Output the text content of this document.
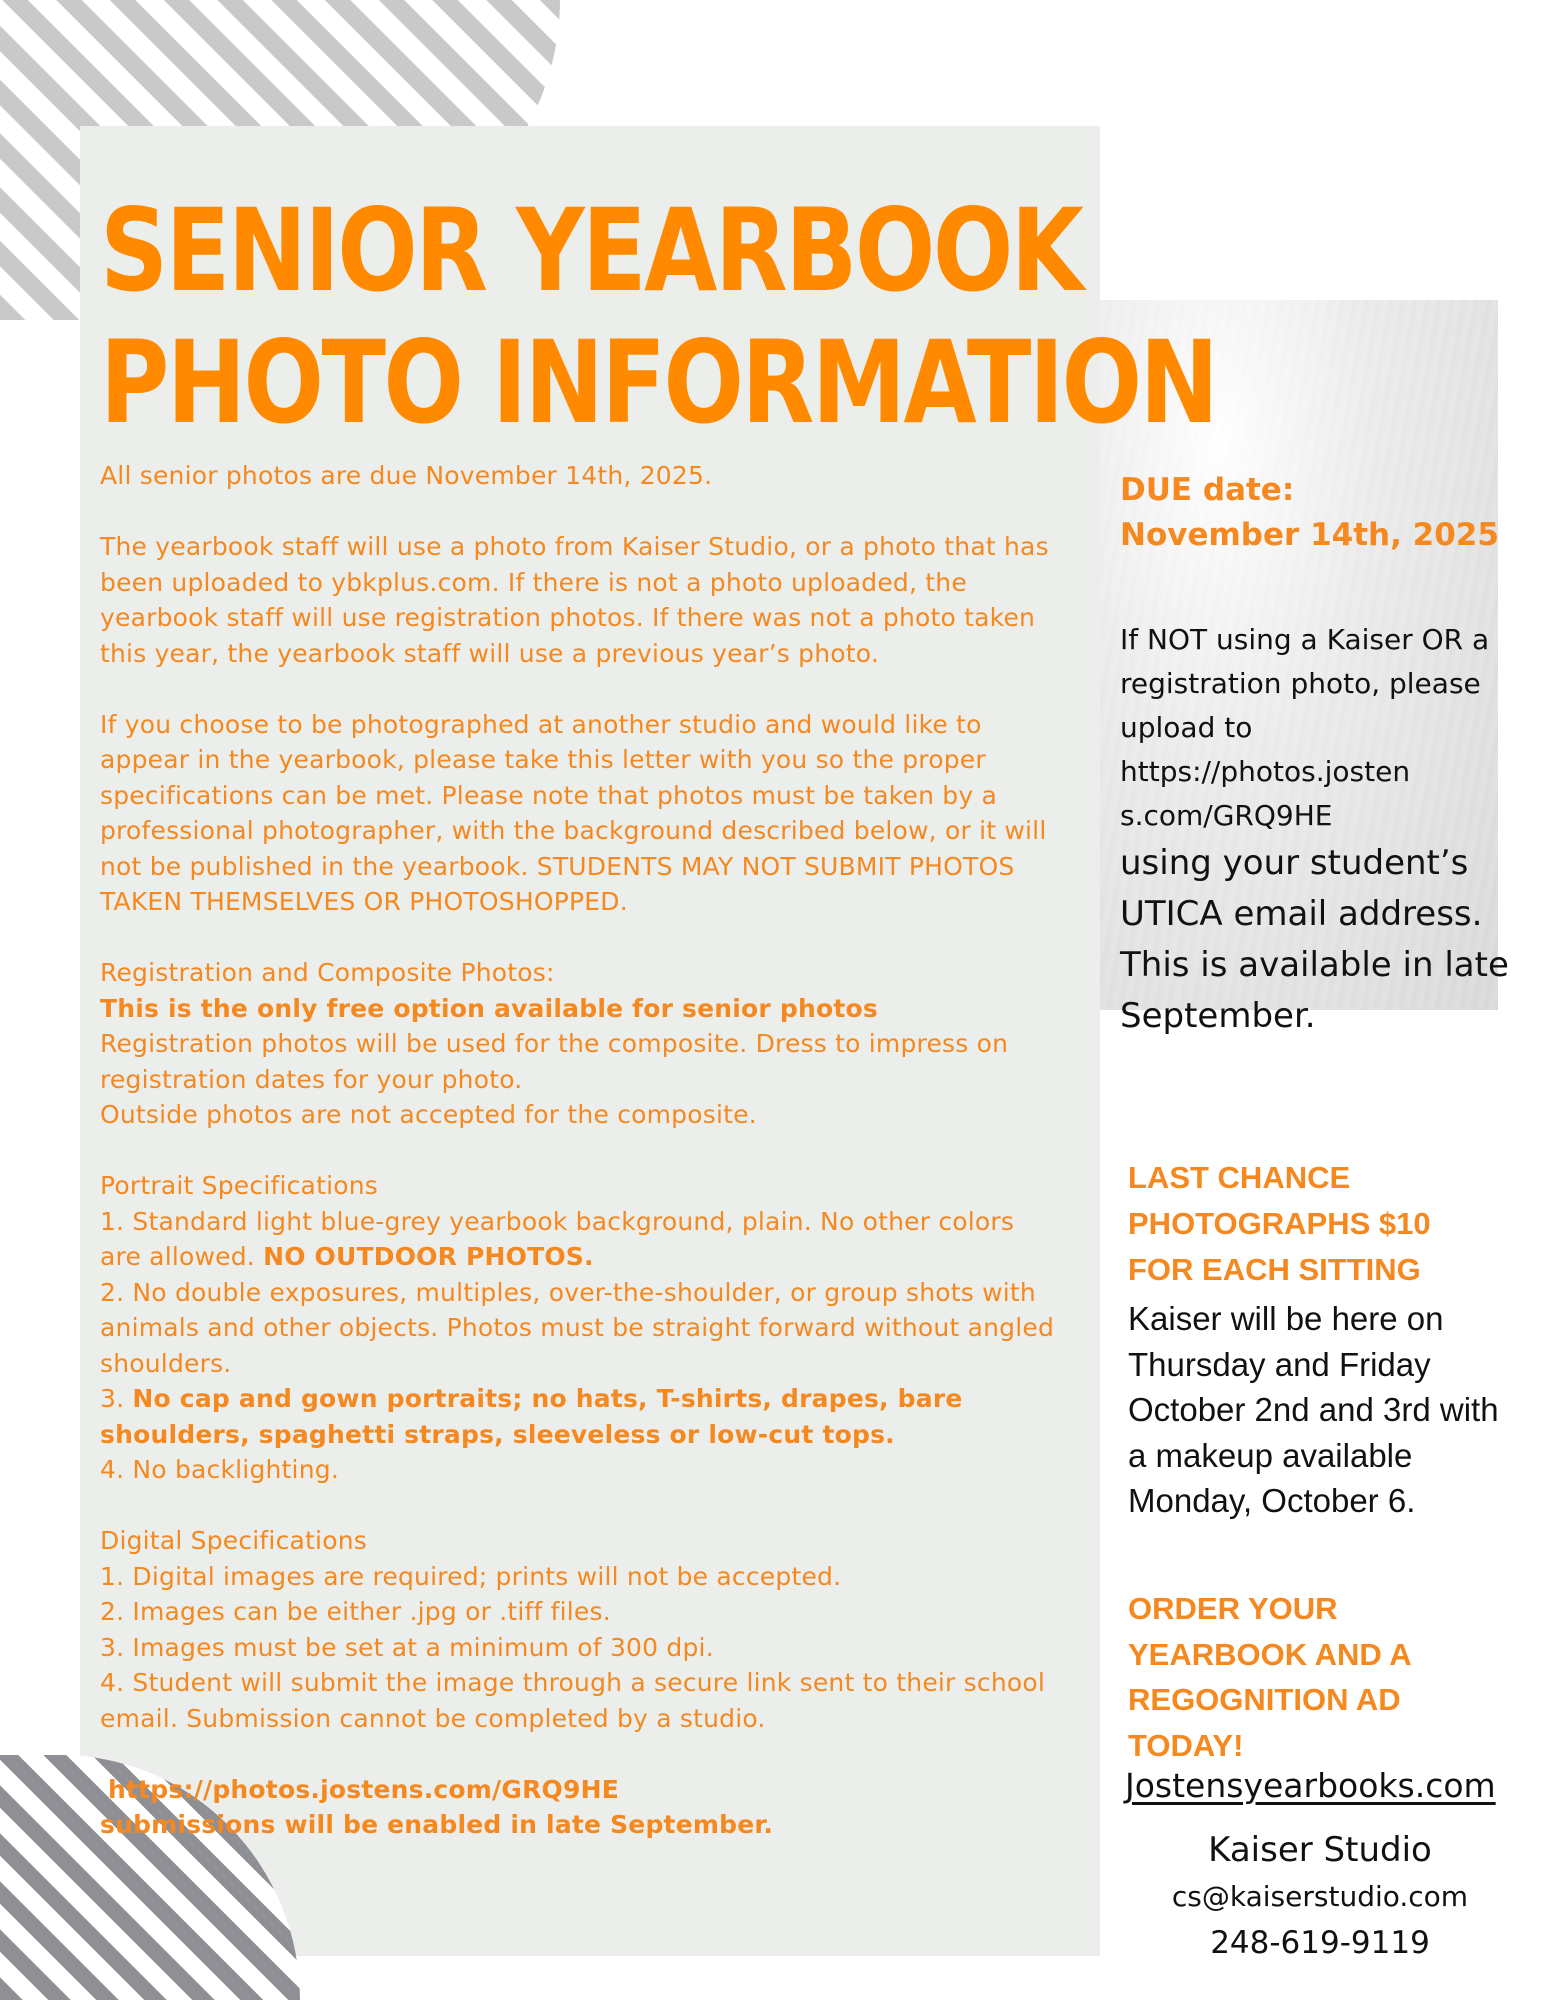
SENIOR YEARBOOK
PHOTO INFORMATION

All senior photos are due November 14th, 2025.

The yearbook staff will use a photo from Kaiser Studio, or a photo that has been uploaded to ybkplus.com. If there is not a photo uploaded, the yearbook staff will use registration photos. If there was not a photo taken this year, the yearbook staff will use a previous year’s photo.

If you choose to be photographed at another studio and would like to appear in the yearbook, please take this letter with you so the proper specifications can be met. Please note that photos must be taken by a professional photographer, with the background described below, or it will not be published in the yearbook. STUDENTS MAY NOT SUBMIT PHOTOS TAKEN THEMSELVES OR PHOTOSHOPPED.

Registration and Composite Photos:
This is the only free option available for senior photos
Registration photos will be used for the composite. Dress to impress on registration dates for your photo.

Outside photos are not accepted for the composite.

Portrait Specifications
1. Standard light blue-grey yearbook background, plain. No other colors are allowed. NO OUTDOOR PHOTOS.
2. No double exposures, multiples, over-the-shoulder, or group shots with animals and other objects. Photos must be straight forward without angled shoulders.
3. No cap and gown portraits; no hats, T-shirts, drapes, bare shoulders, spaghetti straps, sleeveless or low-cut tops.

4. No backlighting.

Digital Specifications
1. Digital images are required; prints will not be accepted.
2. Images can be either .jpg or .tiff files.
3. Images must be set at a minimum of 300 dpi.

4. Student will submit the image through a secure link sent to their school email. Submission cannot be completed by a studio.

https://photos.jostens.com/GRQ9HE
submissions will be enabled in late September.
DUE date:
November 14th, 2025
If NOT using a Kaiser OR a registration photo, please upload to
https://photos.josten
s.com/GRQ9HE
using your student’s UTICA email address. This is available in late September.
LAST CHANCE
PHOTOGRAPHS $10
FOR EACH SITTING
Kaiser will be here on Thursday and Friday October 2nd and 3rd with a makeup available Monday, October 6.
ORDER YOUR
YEARBOOK AND A
REGOGNITION AD
TODAY!
Jostensyearbooks.com
Kaiser Studio
cs@kaiserstudio.com
248-619-9119
